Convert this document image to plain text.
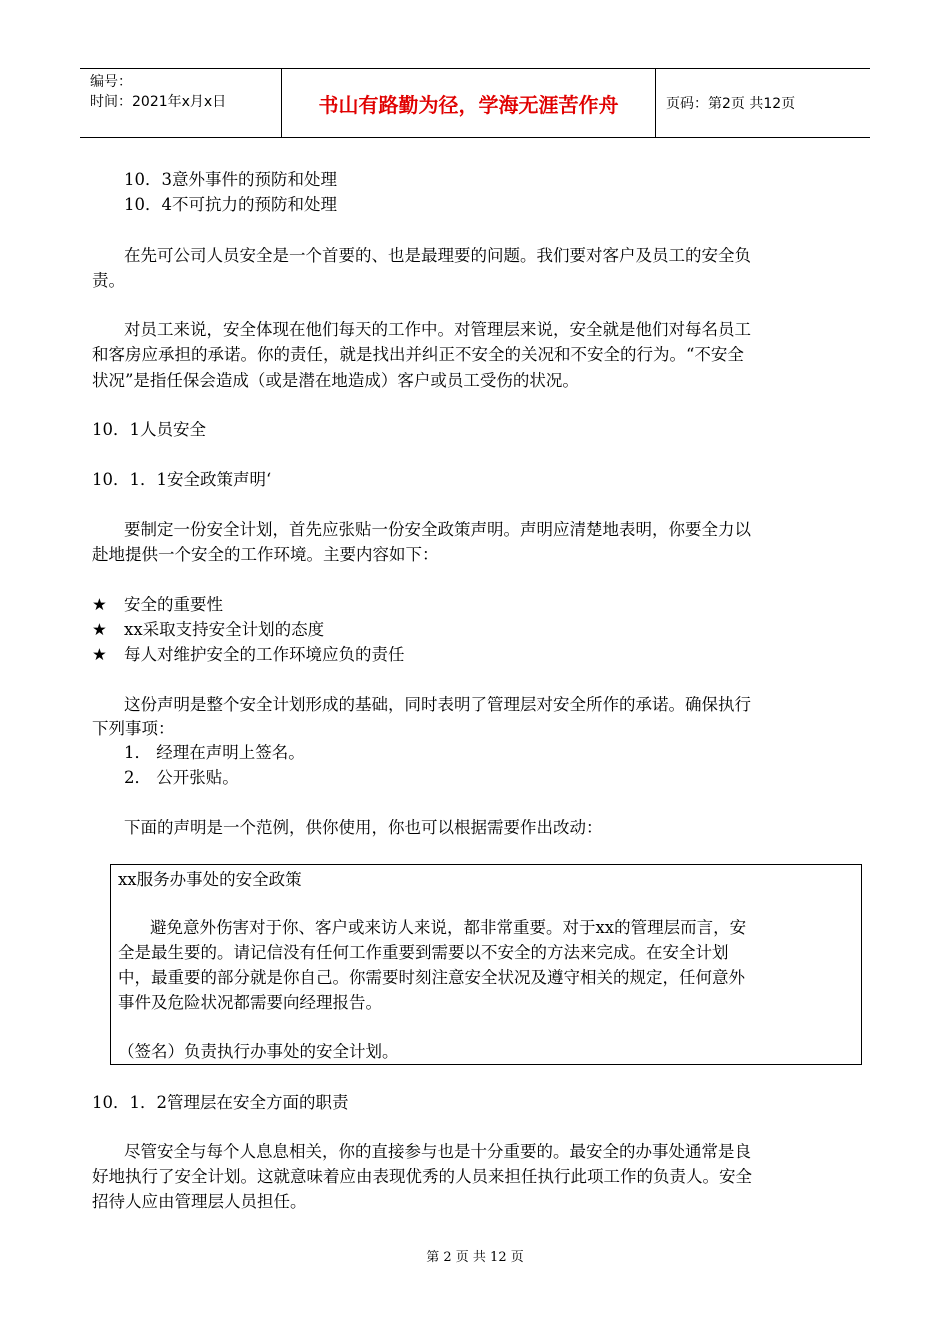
编号：
时间：2021年x月x日	书山有路勤为径，学海无涯苦作舟	页码：第2页 共12页
10．3意外事件的预防和处理
10．4不可抗力的预防和处理
在先可公司人员安全是一个首要的、也是最理要的问题。我们要对客户及员工的安全负
责。
对员工来说，安全体现在他们每天的工作中。对管理层来说，安全就是他们对每名员工
和客房应承担的承诺。你的责任，就是找出并纠正不安全的关况和不安全的行为。“不安全
状况”是指任保会造成（或是潜在地造成）客户或员工受伤的状况。
10．1人员安全
10．1．1安全政策声明‘
要制定一份安全计划，首先应张贴一份安全政策声明。声明应清楚地表明，你要全力以
赴地提供一个安全的工作环境。主要内容如下：
★ 安全的重要性
★ xx采取支持安全计划的态度
★ 每人对维护安全的工作环境应负的责任
这份声明是整个安全计划形成的基础，同时表明了管理层对安全所作的承诺。确保执行
下列事项：
1． 经理在声明上签名。
2． 公开张贴。
下面的声明是一个范例，供你使用，你也可以根据需要作出改动：
xx服务办事处的安全政策
避免意外伤害对于你、客户或来访人来说，都非常重要。对于xx的管理层而言，安
全是最生要的。请记信没有任何工作重要到需要以不安全的方法来完成。在安全计划
中，最重要的部分就是你自己。你需要时刻注意安全状况及遵守相关的规定，任何意外
事件及危险状况都需要向经理报告。
（签名）负责执行办事处的安全计划。
10．1．2管理层在安全方面的职责
尽管安全与每个人息息相关，你的直接参与也是十分重要的。最安全的办事处通常是良
好地执行了安全计划。这就意味着应由表现优秀的人员来担任执行此项工作的负责人。安全
招待人应由管理层人员担任。
第 2 页 共 12 页
